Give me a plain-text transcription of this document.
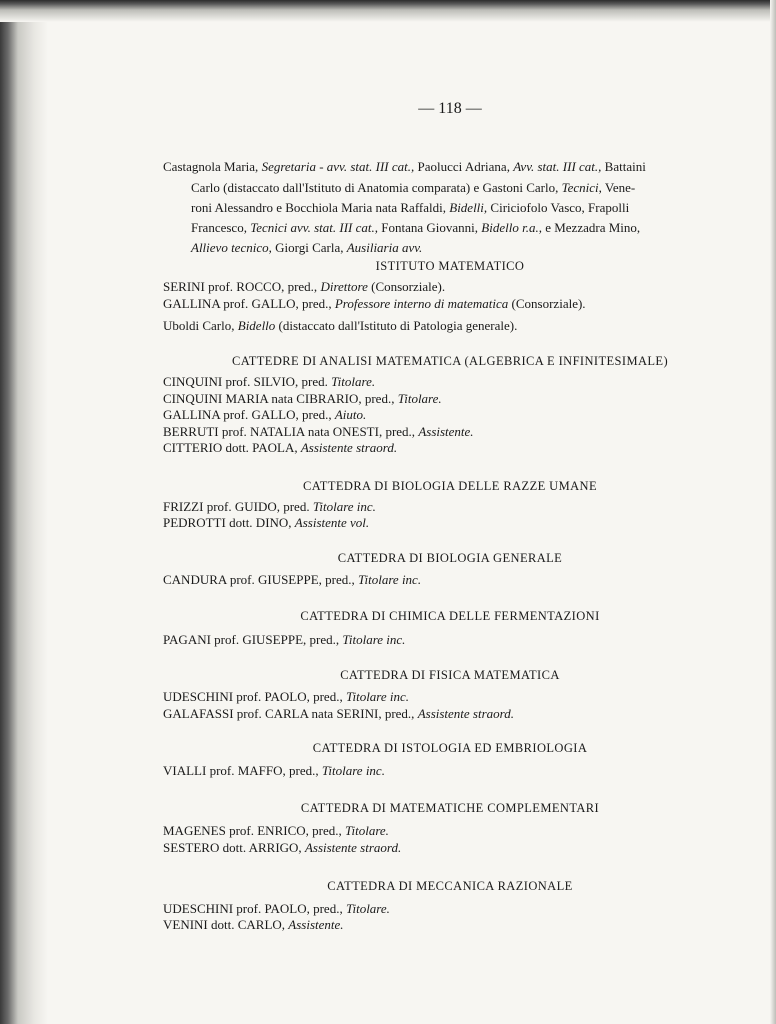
— 118 —
Castagnola Maria, Segretaria - avv. stat. III cat., Paolucci Adriana, Avv. stat. III cat., Battaini
Carlo (distaccato dall'Istituto di Anatomia comparata) e Gastoni Carlo, Tecnici, Vene-
roni Alessandro e Bocchiola Maria nata Raffaldi, Bidelli, Ciriciofolo Vasco, Frapolli
Francesco, Tecnici avv. stat. III cat., Fontana Giovanni, Bidello r.a., e Mezzadra Mino,
Allievo tecnico, Giorgi Carla, Ausiliaria avv.
ISTITUTO MATEMATICO
SERINI prof. ROCCO, pred., Direttore (Consorziale).
GALLINA prof. GALLO, pred., Professore interno di matematica (Consorziale).
Uboldi Carlo, Bidello (distaccato dall'Istituto di Patologia generale).
CATTEDRE DI ANALISI MATEMATICA (ALGEBRICA E INFINITESIMALE)
CINQUINI prof. SILVIO, pred. Titolare.
CINQUINI MARIA nata CIBRARIO, pred., Titolare.
GALLINA prof. GALLO, pred., Aiuto.
BERRUTI prof. NATALIA nata ONESTI, pred., Assistente.
CITTERIO dott. PAOLA, Assistente straord.
CATTEDRA DI BIOLOGIA DELLE RAZZE UMANE
FRIZZI prof. GUIDO, pred. Titolare inc.
PEDROTTI dott. DINO, Assistente vol.
CATTEDRA DI BIOLOGIA GENERALE
CANDURA prof. GIUSEPPE, pred., Titolare inc.
CATTEDRA DI CHIMICA DELLE FERMENTAZIONI
PAGANI prof. GIUSEPPE, pred., Titolare inc.
CATTEDRA DI FISICA MATEMATICA
UDESCHINI prof. PAOLO, pred., Titolare inc.
GALAFASSI prof. CARLA nata SERINI, pred., Assistente straord.
CATTEDRA DI ISTOLOGIA ED EMBRIOLOGIA
VIALLI prof. MAFFO, pred., Titolare inc.
CATTEDRA DI MATEMATICHE COMPLEMENTARI
MAGENES prof. ENRICO, pred., Titolare.
SESTERO dott. ARRIGO, Assistente straord.
CATTEDRA DI MECCANICA RAZIONALE
UDESCHINI prof. PAOLO, pred., Titolare.
VENINI dott. CARLO, Assistente.
